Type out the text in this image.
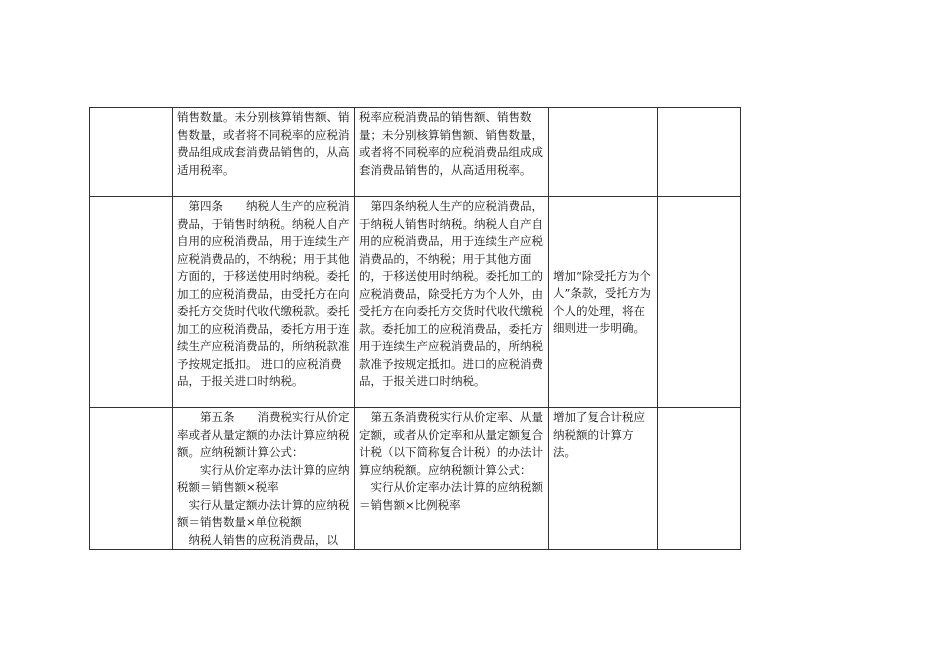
	销售数量。未分别核算销售额、销售数量，或者将不同税率的应税消费品组成成套消费品销售的，从高适用税率。	税率应税消费品的销售额、销售数量；未分别核算销售额、销售数量，或者将不同税率的应税消费品组成成套消费品销售的，从高适用税率。		

	　第四条　　纳税人生产的应税消费品，于销售时纳税。纳税人自产自用的应税消费品，用于连续生产应税消费品的，不纳税；用于其他方面的，于移送使用时纳税。委托加工的应税消费品，由受托方在向委托方交货时代收代缴税款。委托加工的应税消费品，委托方用于连续生产应税消费品的，所纳税款准予按规定抵扣。 进口的应税消费品，于报关进口时纳税。	　第四条纳税人生产的应税消费品，于纳税人销售时纳税。纳税人自产自用的应税消费品，用于连续生产应税消费品的，不纳税；用于其他方面的，于移送使用时纳税。委托加工的应税消费品，除受托方为个人外，由受托方在向委托方交货时代收代缴税款。委托加工的应税消费品，委托方用于连续生产应税消费品的，所纳税款准予按规定抵扣。进口的应税消费品，于报关进口时纳税。	增加“除受托方为个人”条款，受托方为个人的处理，将在细则进一步明确。	

	　　第五条　　消费税实行从价定率或者从量定额的办法计算应纳税额。应纳税额计算公式：
　　实行从价定率办法计算的应纳税额＝销售额×税率
　实行从量定额办法计算的应纳税额＝销售数量×单位税额
　纳税人销售的应税消费品，以	　第五条消费税实行从价定率、从量定额，或者从价定率和从量定额复合计税（以下简称复合计税）的办法计算应纳税额。应纳税额计算公式：
　实行从价定率办法计算的应纳税额＝销售额×比例税率	增加了复合计税应纳税额的计算方法。	
